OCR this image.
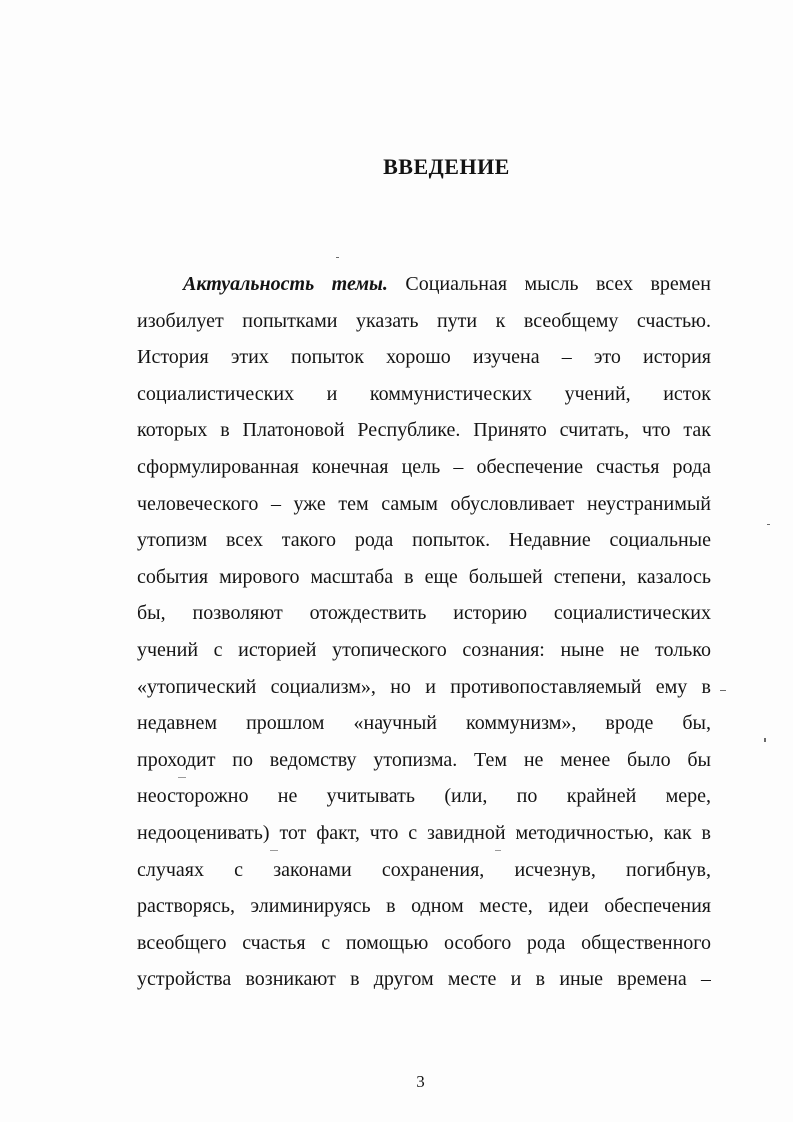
ВВЕДЕНИЕ
Актуальность темы. Социальная мысль всех времен
изобилует попытками указать пути к всеобщему счастью.
История этих попыток хорошо изучена – это история
социалистических и коммунистических учений, исток
которых в Платоновой Республике. Принято считать, что так
сформулированная конечная цель – обеспечение счастья рода
человеческого – уже тем самым обусловливает неустранимый
утопизм всех такого рода попыток. Недавние социальные
события мирового масштаба в еще большей степени, казалось
бы, позволяют отождествить историю социалистических
учений с историей утопического сознания: ныне не только
«утопический социализм», но и противопоставляемый ему в
недавнем прошлом «научный коммунизм», вроде бы,
проходит по ведомству утопизма. Тем не менее было бы
неосторожно не учитывать (или, по крайней мере,
недооценивать) тот факт, что с завидной методичностью, как в
случаях с законами сохранения, исчезнув, погибнув,
растворясь, элиминируясь в одном месте, идеи обеспечения
всеобщего счастья с помощью особого рода общественного
устройства возникают в другом месте и в иные времена –
3
